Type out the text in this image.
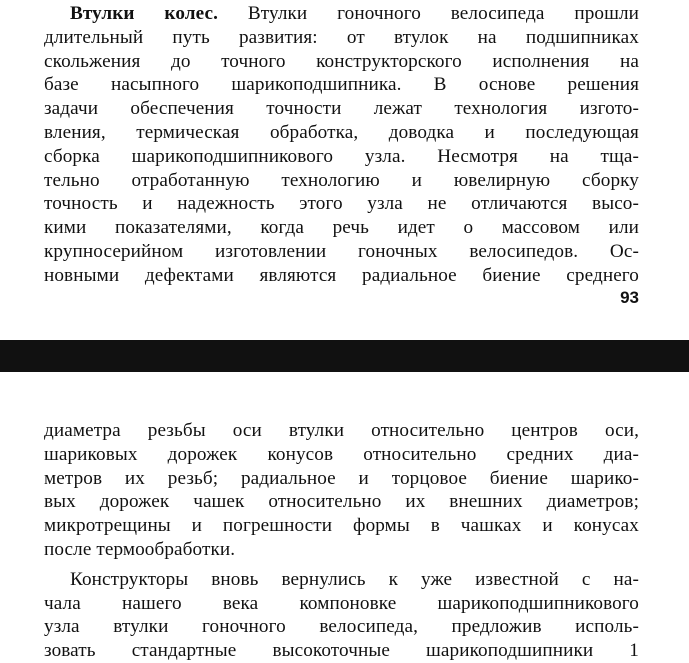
Втулки колес. Втулки гоночного велосипеда прошли
длительный путь развития: от втулок на подшипниках
скольжения до точного конструкторского исполнения на
базе насыпного шарикоподшипника. В основе решения
задачи обеспечения точности лежат технология изгото-
вления, термическая обработка, доводка и последующая
сборка шарикоподшипникового узла. Несмотря на тща-
тельно отработанную технологию и ювелирную сборку
точность и надежность этого узла не отличаются высо-
кими показателями, когда речь идет о массовом или
крупносерийном изготовлении гоночных велосипедов. Ос-
новными дефектами являются радиальное биение среднего
93
диаметра резьбы оси втулки относительно центров оси,
шариковых дорожек конусов относительно средних диа-
метров их резьб; радиальное и торцовое биение шарико-
вых дорожек чашек относительно их внешних диаметров;
микротрещины и погрешности формы в чашках и конусах
после термообработки.
Конструкторы вновь вернулись к уже известной с на-
чала нашего века компоновке шарикоподшипникового
узла втулки гоночного велосипеда, предложив исполь-
зовать стандартные высокоточные шарикоподшипники 1
